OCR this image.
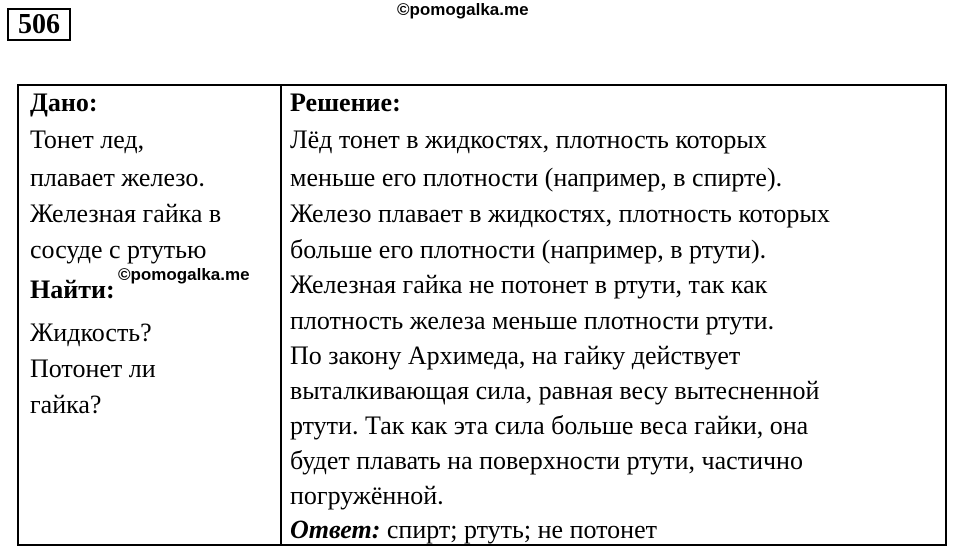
506	©pomogalka.me
Дано:
Тонет лед,
плавает железо.
Железная гайка в
сосуде с ртутью
Найти:
Жидкость?
Потонет ли
гайка?
Решение:
Лёд тонет в жидкостях, плотность которых
меньше его плотности (например, в спирте).
Железо плавает в жидкостях, плотность которых
больше его плотности (например, в ртути).
Железная гайка не потонет в ртути, так как
плотность железа меньше плотности ртути.
По закону Архимеда, на гайку действует
выталкивающая сила, равная весу вытесненной
ртути. Так как эта сила больше веса гайки, она
будет плавать на поверхности ртути, частично
погружённой.
Ответ: спирт; ртуть; не потонет
©pomogalka.me
